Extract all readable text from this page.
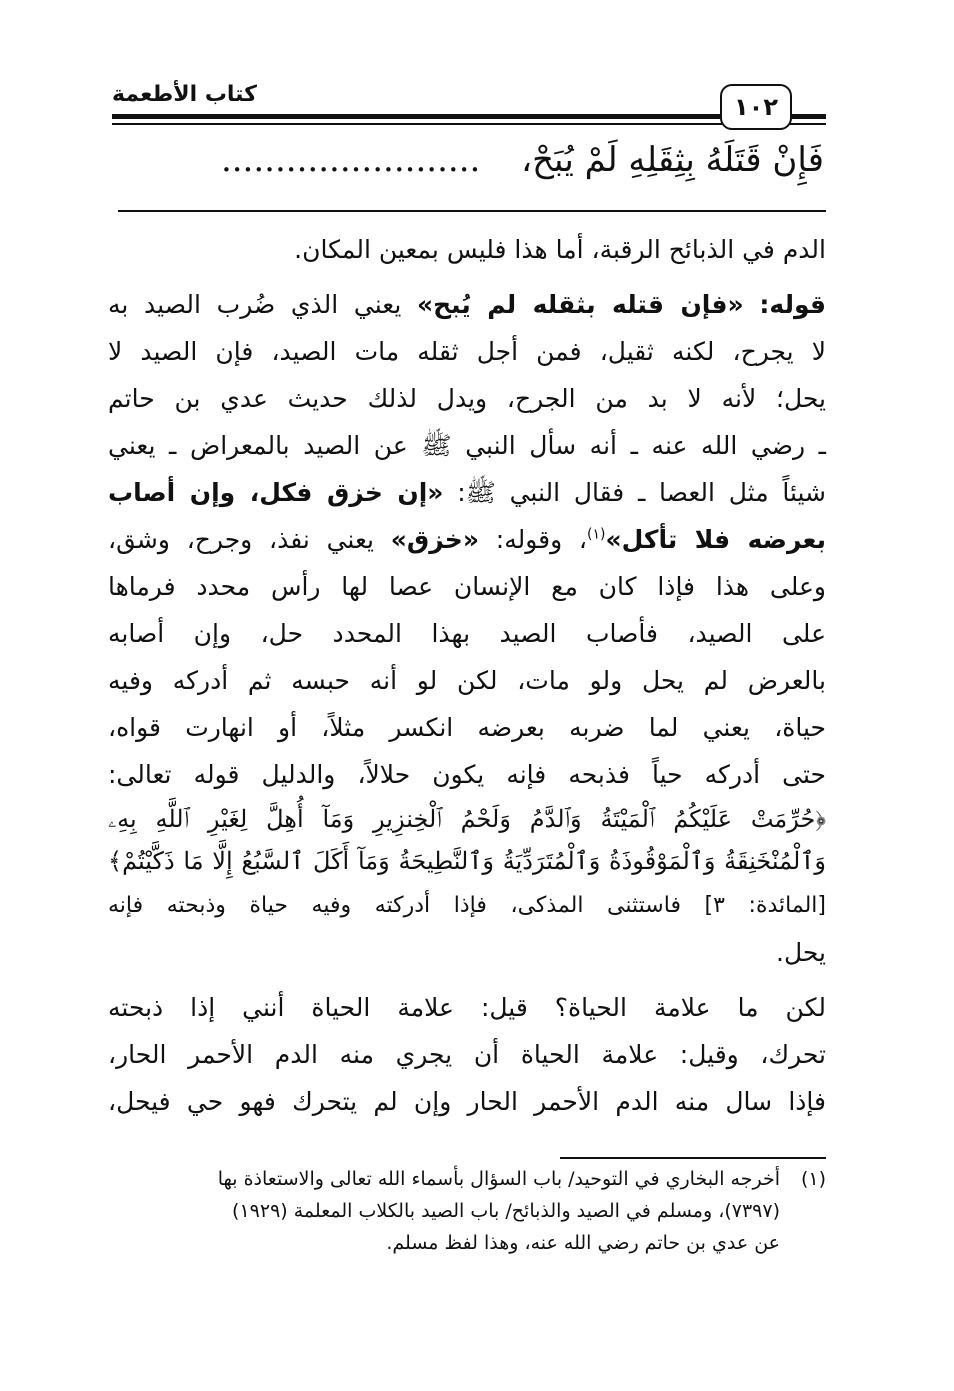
كتاب الأطعمة	١٠٢
فَإِنْ قَتَلَهُ بِثِقَلِهِ لَمْ يُبَحْ، ........................
الدم في الذبائح الرقبة، أما هذا فليس بمعين المكان.
قوله: «فإن قتله بثقله لم يُبح» يعني الذي ضُرب الصيد به
لا يجرح، لكنه ثقيل، فمن أجل ثقله مات الصيد، فإن الصيد لا
يحل؛ لأنه لا بد من الجرح، ويدل لذلك حديث عدي بن حاتم
ـ رضي الله عنه ـ أنه سأل النبي ﷺ عن الصيد بالمعراض ـ يعني
شيئاً مثل العصا ـ فقال النبي ﷺ: «إن خزق فكل، وإن أصاب
بعرضه فلا تأكل»$^{(١)}$، وقوله: «خزق» يعني نفذ، وجرح، وشق،
وعلى هذا فإذا كان مع الإنسان عصا لها رأس محدد فرماها
على الصيد، فأصاب الصيد بهذا المحدد حل، وإن أصابه
بالعرض لم يحل ولو مات، لكن لو أنه حبسه ثم أدركه وفيه
حياة، يعني لما ضربه بعرضه انكسر مثلاً، أو انهارت قواه،
حتى أدركه حياً فذبحه فإنه يكون حلالاً، والدليل قوله تعالى:
﴿حُرِّمَتْ عَلَيْكُمُ ٱلْمَيْتَةُ وَٱلدَّمُ وَلَحْمُ ٱلْخِنزِيرِ وَمَآ أُهِلَّ لِغَيْرِ ٱللَّهِ بِهِۦ
وَٱلْمُنْخَنِقَةُ وَٱلْمَوْقُوذَةُ وَٱلْمُتَرَدِّيَةُ وَٱلنَّطِيحَةُ وَمَآ أَكَلَ ٱلسَّبُعُ إِلَّا مَا ذَكَّيْتُمْ﴾
[المائدة: ٣] فاستثنى المذكى، فإذا أدركته وفيه حياة وذبحته فإنه
يحل.
لكن ما علامة الحياة؟ قيل: علامة الحياة أنني إذا ذبحته
تحرك، وقيل: علامة الحياة أن يجري منه الدم الأحمر الحار،
فإذا سال منه الدم الأحمر الحار وإن لم يتحرك فهو حي فيحل،
(١)أخرجه البخاري في التوحيد/ باب السؤال بأسماء الله تعالى والاستعاذة بها
(٧٣٩٧)، ومسلم في الصيد والذبائح/ باب الصيد بالكلاب المعلمة (١٩٢٩)
عن عدي بن حاتم رضي الله عنه، وهذا لفظ مسلم.
